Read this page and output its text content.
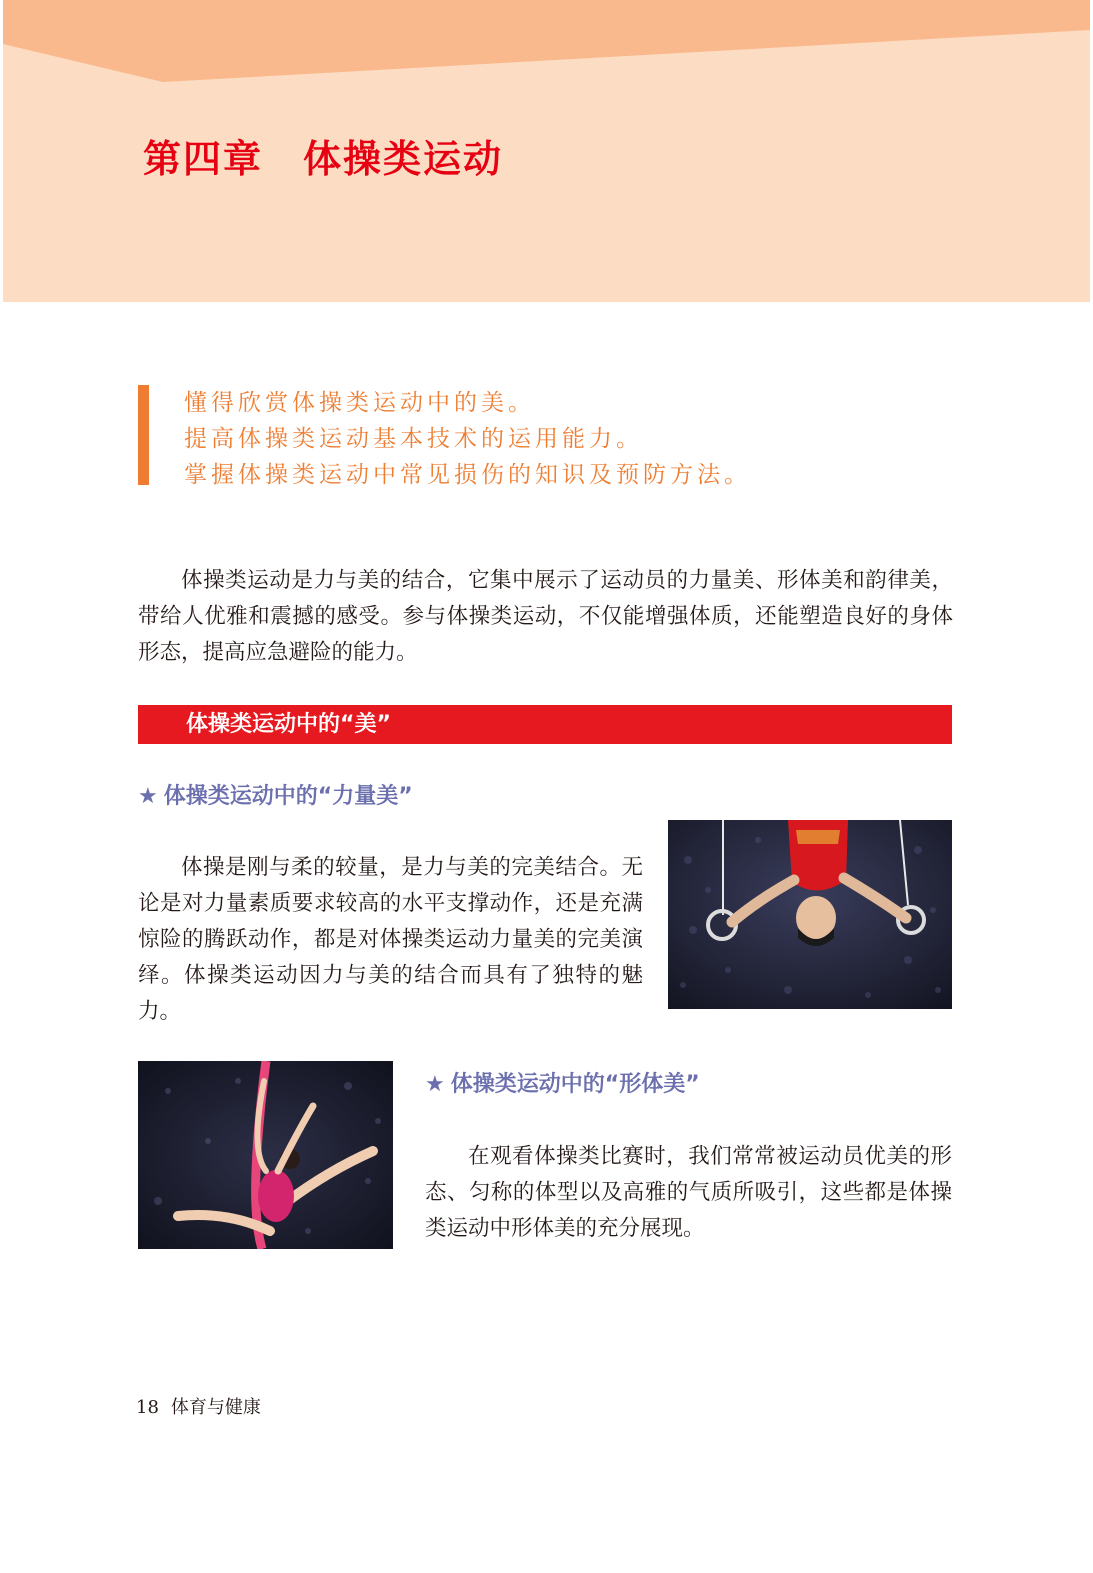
第四章　体操类运动
懂得欣赏体操类运动中的美。
提高体操类运动基本技术的运用能力。
掌握体操类运动中常见损伤的知识及预防方法。

体操类运动是力与美的结合，它集中展示了运动员的力量美、形体美和韵律美，带给人优雅和震撼的感受。参与体操类运动，不仅能增强体质，还能塑造良好的身体形态，提高应急避险的能力。

体操类运动中的“美”
★ 体操类运动中的“力量美”

体操是刚与柔的较量，是力与美的完美结合。无论是对力量素质要求较高的水平支撑动作，还是充满惊险的腾跃动作，都是对体操类运动力量美的完美演绎。体操类运动因力与美的结合而具有了独特的魅力。

★ 体操类运动中的“形体美”

在观看体操类比赛时，我们常常被运动员优美的形态、匀称的体型以及高雅的气质所吸引，这些都是体操类运动中形体美的充分展现。

18 体育与健康
